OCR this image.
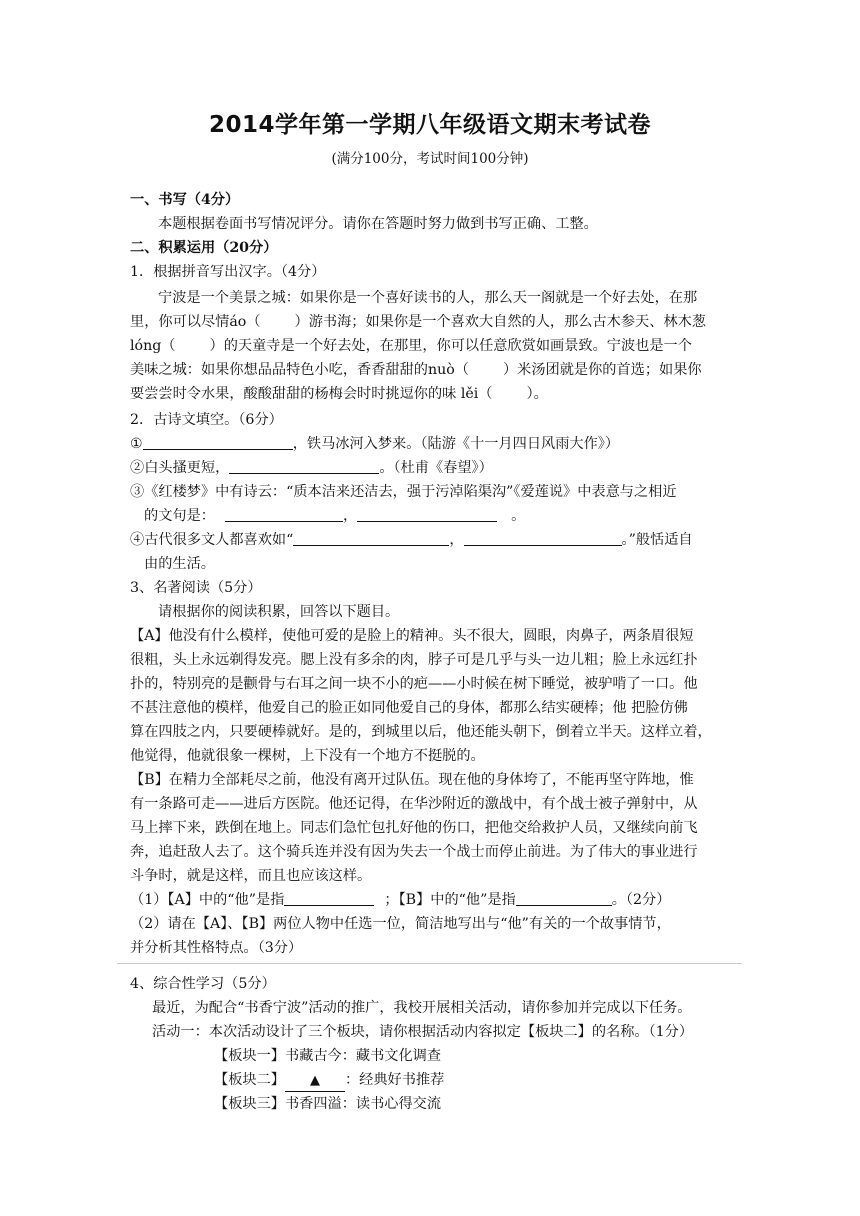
2014学年第一学期八年级语文期末考试卷
(满分100分，考试时间100分钟)
一、书写（4分）
本题根据卷面书写情况评分。请你在答题时努力做到书写正确、工整。
二、积累运用（20分）
1．根据拼音写出汉字。（4分）
宁波是一个美景之城：如果你是一个喜好读书的人，那么天一阁就是一个好去处，在那
里，你可以尽情áo（ ）游书海；如果你是一个喜欢大自然的人，那么古木参天、林木葱
lóng（ ）的天童寺是一个好去处，在那里，你可以任意欣赏如画景致。宁波也是一个
美味之城：如果你想品品特色小吃，香香甜甜的nuò（ ）米汤团就是你的首选；如果你
要尝尝时令水果，酸酸甜甜的杨梅会时时挑逗你的味 lěi（ ）。
2．古诗文填空。（6分）
①	，铁马冰河入梦来。（陆游《十一月四日风雨大作》）
②白头搔更短，	。（杜甫《春望》）
③《红楼梦》中有诗云：“质本洁来还洁去，强于污淖陷渠沟”《爱莲说》中表意与之相近
的文句是：	，	。
④古代很多文人都喜欢如“	，	。”般恬适自
由的生活。
3、名著阅读（5分）
请根据你的阅读积累，回答以下题目。
【A】他没有什么模样，使他可爱的是脸上的精神。头不很大，圆眼，肉鼻子，两条眉很短
很粗，头上永远剃得发亮。腮上没有多余的肉，脖子可是几乎与头一边儿粗；脸上永远红扑
扑的，特别亮的是颧骨与右耳之间一块不小的疤——小时候在树下睡觉，被驴啃了一口。他
不甚注意他的模样，他爱自己的脸正如同他爱自己的身体，都那么结实硬棒；他 把脸仿佛
算在四肢之内，只要硬棒就好。是的，到城里以后，他还能头朝下，倒着立半天。这样立着，
他觉得，他就很象一棵树，上下没有一个地方不挺脱的。
【B】在精力全部耗尽之前，他没有离开过队伍。现在他的身体垮了，不能再坚守阵地，惟
有一条路可走——进后方医院。他还记得，在华沙附近的激战中，有个战士被子弹射中，从
马上摔下来，跌倒在地上。同志们急忙包扎好他的伤口，把他交给救护人员，又继续向前飞
奔，追赶敌人去了。这个骑兵连并没有因为失去一个战士而停止前进。为了伟大的事业进行
斗争时，就是这样，而且也应该这样。
（1）【A】中的“他”是指	；【B】中的“他”是指	。（2分）
（2）请在【A】、【B】两位人物中任选一位，简洁地写出与“他”有关的一个故事情节，
并分析其性格特点。（3分）
4、综合性学习（5分）
最近，为配合“书香宁波”活动的推广，我校开展相关活动，请你参加并完成以下任务。
活动一：本次活动设计了三个板块，请你根据活动内容拟定【板块二】的名称。（1分）
【板块一】书藏古今：藏书文化调查
【板块二】 ▲ ：经典好书推荐
【板块三】书香四溢：读书心得交流
